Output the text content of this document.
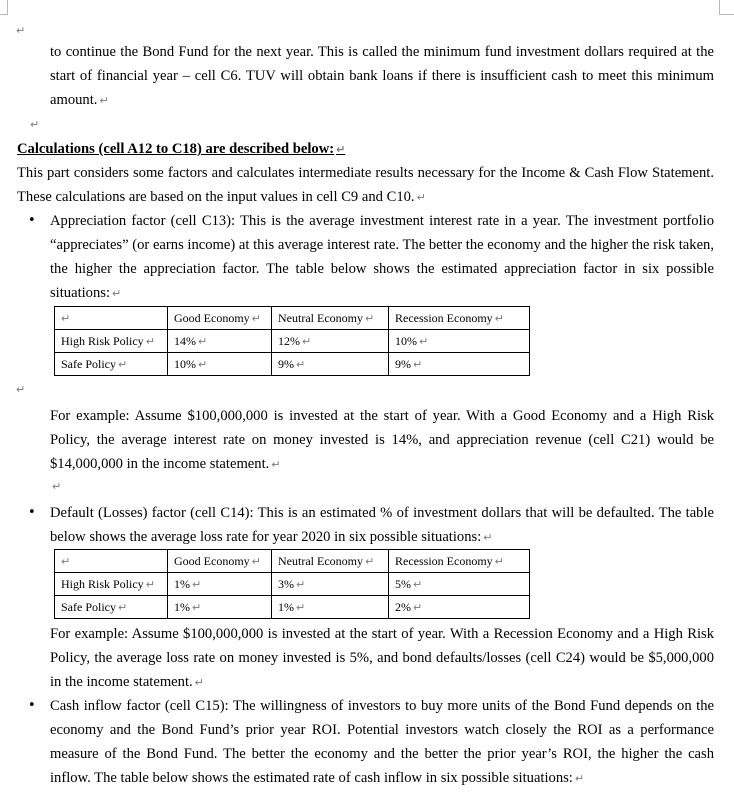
↵
to continue the Bond Fund for the next year. This is called the minimum fund investment dollars required at the start of financial year – cell C6. TUV will obtain bank loans if there is insufficient cash to meet this minimum amount. ↵
↵
Calculations (cell A12 to C18) are described below: ↵
This part considers some factors and calculates intermediate results necessary for the Income & Cash Flow Statement. These calculations are based on the input values in cell C9 and C10. ↵
• Appreciation factor (cell C13): This is the average investment interest rate in a year. The investment portfolio “appreciates” (or earns income) at this average interest rate. The better the economy and the higher the risk taken, the higher the appreciation factor. The table below shows the estimated appreciation factor in six possible situations: ↵
↵	Good Economy ↵	Neutral Economy ↵	Recession Economy ↵
High Risk Policy ↵	14% ↵	12% ↵	10% ↵
Safe Policy ↵	10% ↵	9% ↵	9% ↵
↵
For example: Assume $100,000,000 is invested at the start of year. With a Good Economy and a High Risk Policy, the average interest rate on money invested is 14%, and appreciation revenue (cell C21) would be $14,000,000 in the income statement. ↵
↵
• Default (Losses) factor (cell C14): This is an estimated % of investment dollars that will be defaulted. The table below shows the average loss rate for year 2020 in six possible situations: ↵
↵	Good Economy ↵	Neutral Economy ↵	Recession Economy ↵
High Risk Policy ↵	1% ↵	3% ↵	5% ↵
Safe Policy ↵	1% ↵	1% ↵	2% ↵
For example: Assume $100,000,000 is invested at the start of year. With a Recession Economy and a High Risk Policy, the average loss rate on money invested is 5%, and bond defaults/losses (cell C24) would be $5,000,000 in the income statement. ↵
• Cash inflow factor (cell C15): The willingness of investors to buy more units of the Bond Fund depends on the economy and the Bond Fund’s prior year ROI. Potential investors watch closely the ROI as a performance measure of the Bond Fund. The better the economy and the better the prior year’s ROI, the higher the cash inflow. The table below shows the estimated rate of cash inflow in six possible situations: ↵
